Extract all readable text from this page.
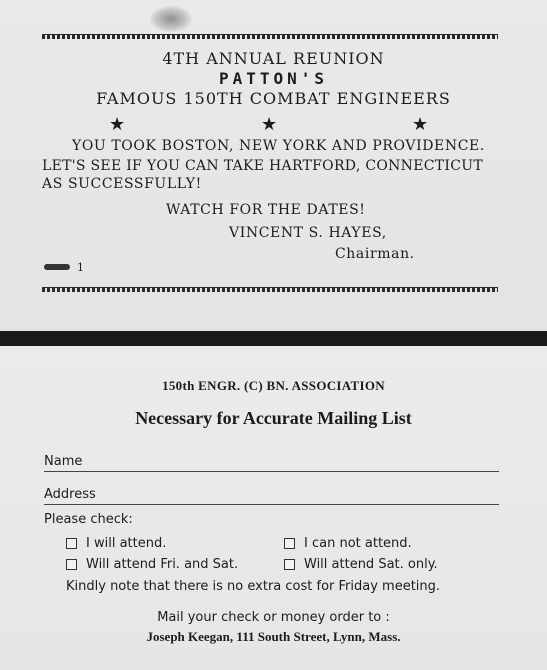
4TH ANNUAL REUNION
PATTON'S
FAMOUS 150TH COMBAT ENGINEERS
★	★	★
YOU TOOK BOSTON, NEW YORK AND PROVIDENCE.
LET'S SEE IF YOU CAN TAKE HARTFORD, CONNECTICUT
AS SUCCESSFULLY!
WATCH FOR THE DATES!
VINCENT S. HAYES,
Chairman.
1
150th ENGR. (C) BN. ASSOCIATION
Necessary for Accurate Mailing List
Name
Address
Please check:
I will attend.	I can not attend.
Will attend Fri. and Sat.	Will attend Sat. only.
Kindly note that there is no extra cost for Friday meeting.
Mail your check or money order to :
Joseph Keegan, 111 South Street, Lynn, Mass.
